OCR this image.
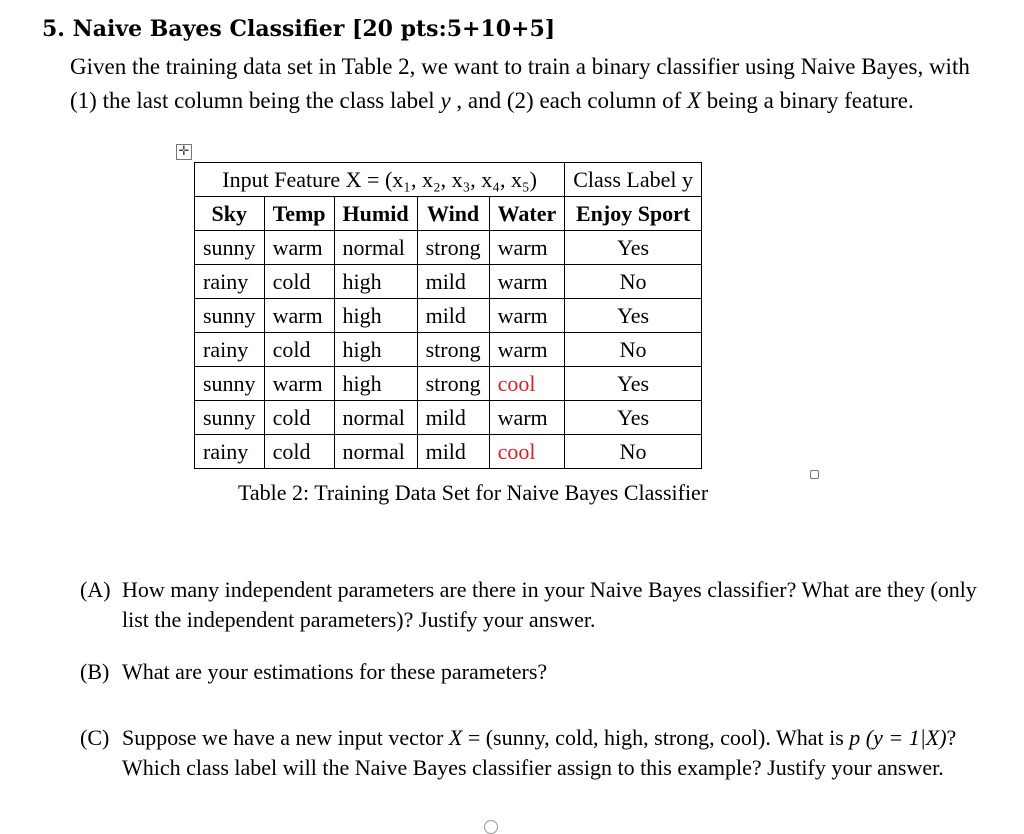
5. Naive Bayes Classifier [20 pts:5+10+5]
Given the training data set in Table 2, we want to train a binary classifier using Naive Bayes, with (1) the last column being the class label y , and (2) each column of X being a binary feature.
✛
Input Feature X = (x₁, x₂, x₃, x₄, x₅)					Class Label y
Sky	Temp	Humid	Wind	Water	Enjoy Sport
sunny	warm	normal	strong	warm	Yes
rainy	cold	high	mild	warm	No
sunny	warm	high	mild	warm	Yes
rainy	cold	high	strong	warm	No
sunny	warm	high	strong	cool	Yes
sunny	cold	normal	mild	warm	Yes
rainy	cold	normal	mild	cool	No
Table 2: Training Data Set for Naive Bayes Classifier
(A) How many independent parameters are there in your Naive Bayes classifier? What are they (only list the independent parameters)? Justify your answer.
(B) What are your estimations for these parameters?
(C) Suppose we have a new input vector X = (sunny, cold, high, strong, cool). What is p (y = 1|X)? Which class label will the Naive Bayes classifier assign to this example? Justify your answer.
